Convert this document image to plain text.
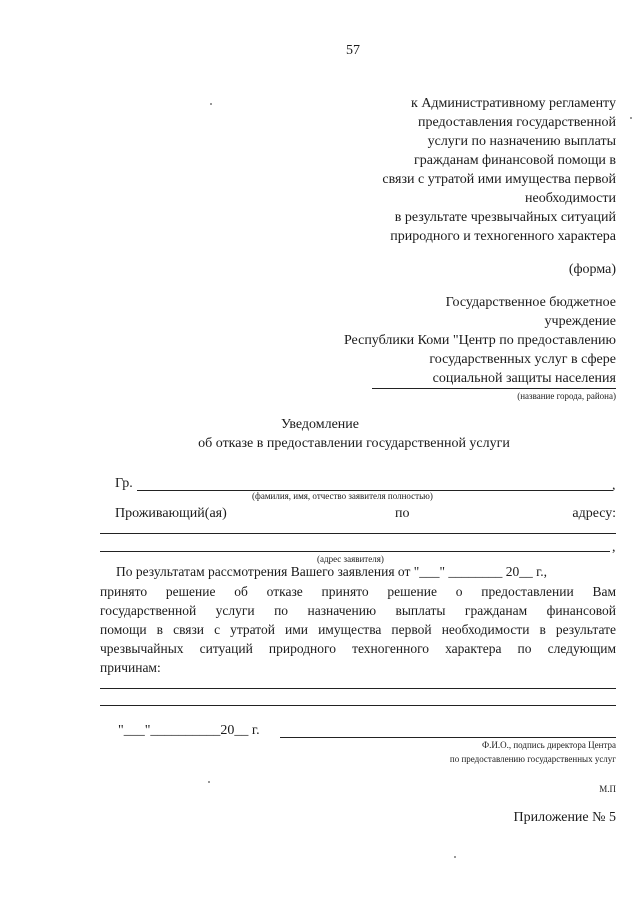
57
к Административному регламенту
предоставления государственной
услуги по назначению выплаты
гражданам финансовой помощи в
связи с утратой ими имущества первой
необходимости
в результате чрезвычайных ситуаций
природного и техногенного характера
(форма)
Государственное бюджетное
учреждение
Республики Коми "Центр по предоставлению
государственных услуг в сфере
социальной защиты населения
(название города, района)
Уведомление
об отказе в предоставлении государственной услуги
Гр.	,
(фамилия, имя, отчество заявителя полностью)
Проживающий(ая)	по	адресу:
,
(адрес заявителя)
По результатам рассмотрения Вашего заявления от "___" ________ 20__ г.,
принято решение об отказе принято решение о предоставлении Вам
государственной услуги по назначению выплаты гражданам финансовой
помощи в связи с утратой ими имущества первой необходимости в результате
чрезвычайных ситуаций природного техногенного характера по следующим
причинам:
"___"__________20__ г.
Ф.И.О., подпись директора Центра
по предоставлению государственных услуг
М.П
Приложение № 5
